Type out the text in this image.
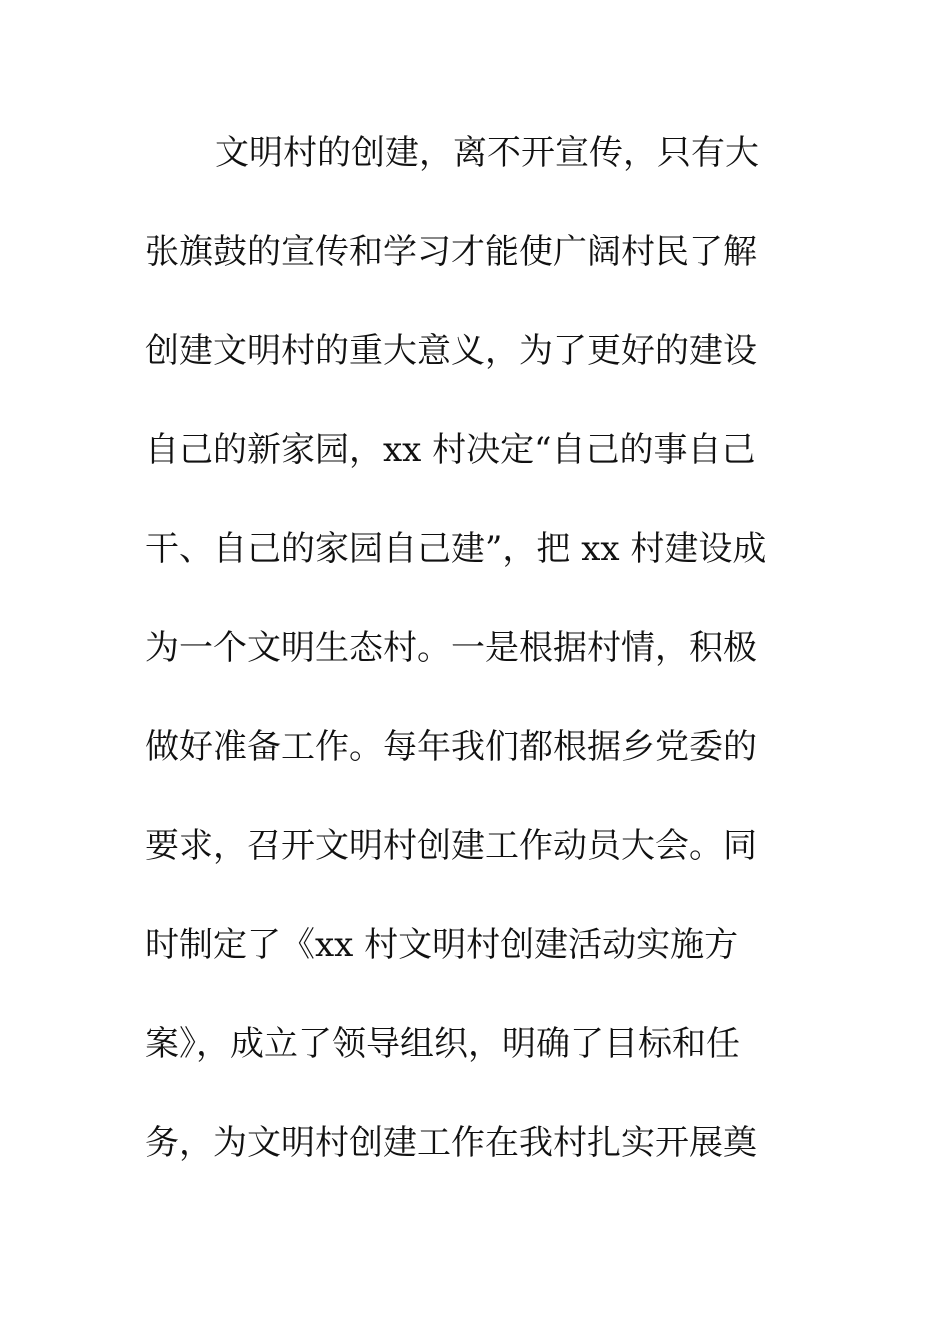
文明村的创建，离不开宣传，只有大
张旗鼓的宣传和学习才能使广阔村民了解
创建文明村的重大意义，为了更好的建设
自己的新家园，xx 村决定“自己的事自己
干、自己的家园自己建”，把 xx 村建设成
为一个文明生态村。一是根据村情，积极
做好准备工作。每年我们都根据乡党委的
要求，召开文明村创建工作动员大会。同
时制定了《xx 村文明村创建活动实施方
案》，成立了领导组织，明确了目标和任
务，为文明村创建工作在我村扎实开展奠
